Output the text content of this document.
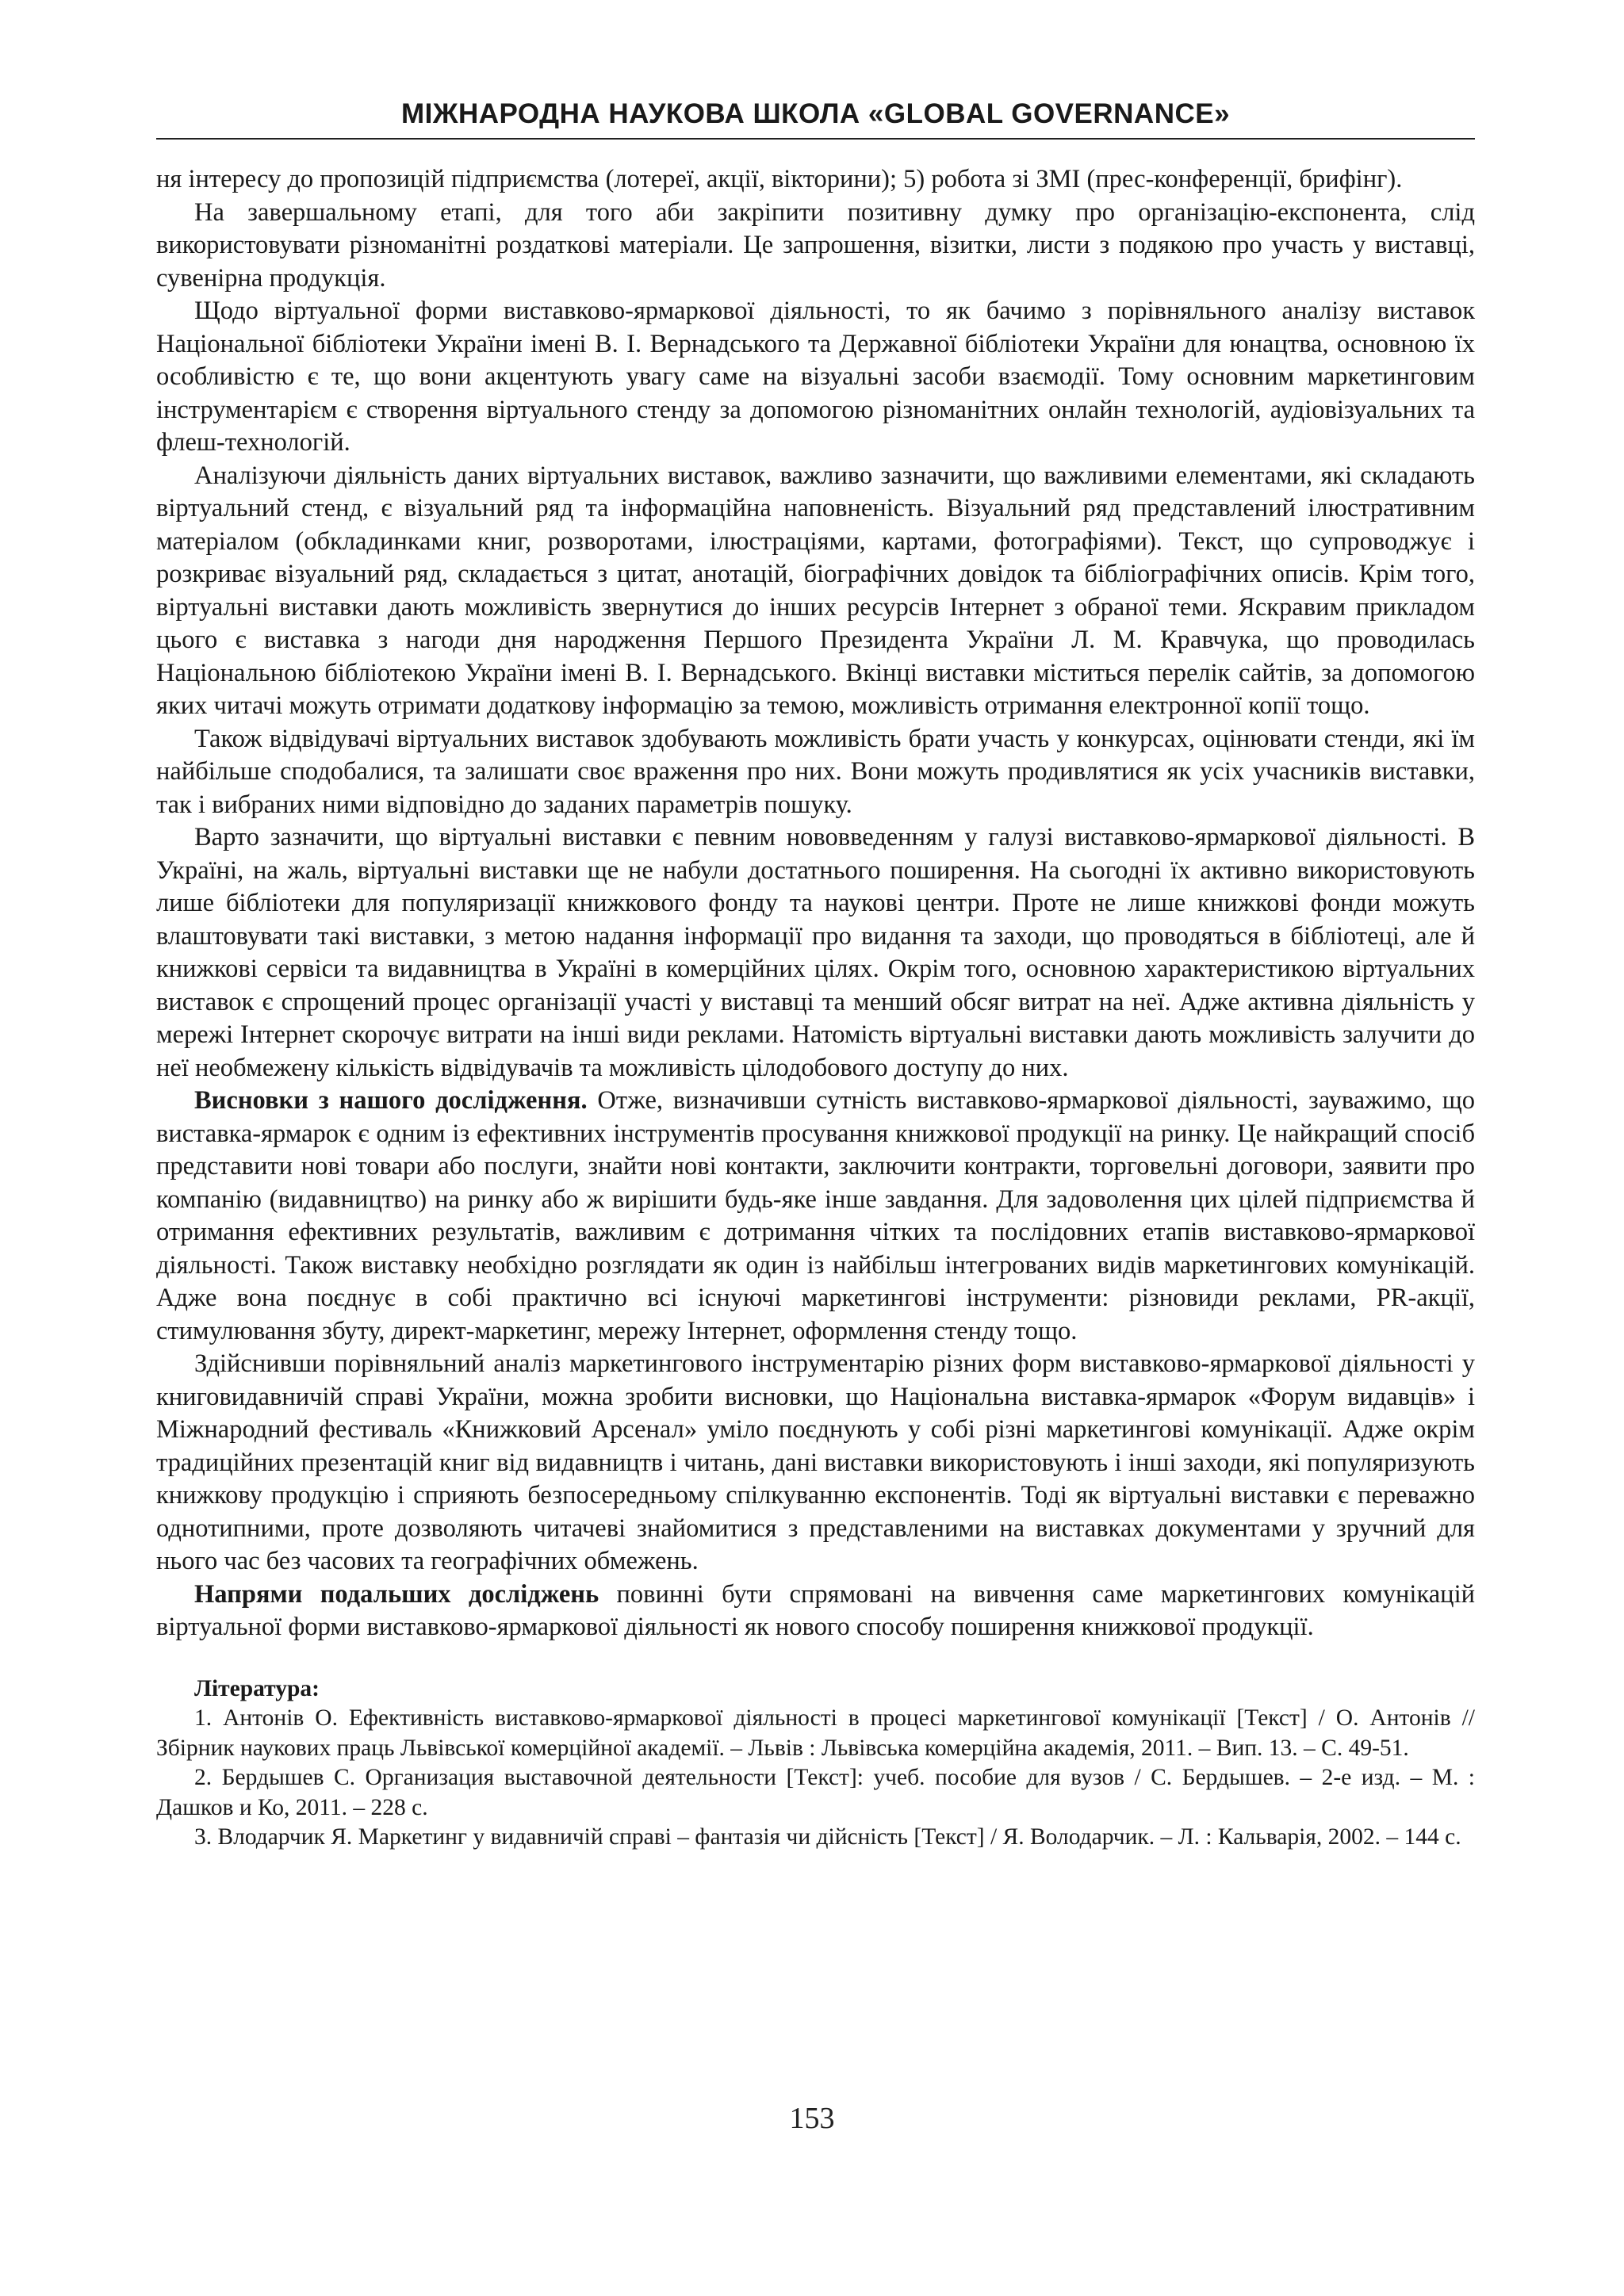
МІЖНАРОДНА НАУКОВА ШКОЛА «GLOBAL GOVERNANCE»

ня інтересу до пропозицій підприємства (лотереї, акції, вікторини); 5) робота зі ЗМІ (прес-конференції, брифінг).

На завершальному етапі, для того аби закріпити позитивну думку про організацію-експонента, слід використовувати різноманітні роздаткові матеріали. Це запрошення, візитки, листи з подякою про участь у виставці, сувенірна продукція.

Щодо віртуальної форми виставково-ярмаркової діяльності, то як бачимо з порівняльного аналізу виставок Національної бібліотеки України імені В. І. Вернадського та Державної бібліотеки України для юнацтва, основною їх особливістю є те, що вони акцентують увагу саме на візуальні засоби взаємодії. Тому основним маркетинговим інструментарієм є створення віртуального стенду за допомогою різноманітних онлайн технологій, аудіовізуальних та флеш-технологій.

Аналізуючи діяльність даних віртуальних виставок, важливо зазначити, що важливими елементами, які складають віртуальний стенд, є візуальний ряд та інформаційна наповненість. Візуальний ряд представлений ілюстративним матеріалом (обкладинками книг, розворотами, ілюстраціями, картами, фотографіями). Текст, що супроводжує і розкриває візуальний ряд, складається з цитат, анотацій, біографічних довідок та бібліографічних описів. Крім того, віртуальні виставки дають можливість звернутися до інших ресурсів Інтернет з обраної теми. Яскравим прикладом цього є виставка з нагоди дня народження Першого Президента України Л. М. Кравчука, що проводилась Національною бібліотекою України імені В. І. Вернадського. Вкінці виставки міститься перелік сайтів, за допомогою яких читачі можуть отримати додаткову інформацію за темою, можливість отримання електронної копії тощо.

Також відвідувачі віртуальних виставок здобувають можливість брати участь у конкурсах, оцінювати стенди, які їм найбільше сподобалися, та залишати своє враження про них. Вони можуть продивлятися як усіх учасників виставки, так і вибраних ними відповідно до заданих параметрів пошуку.

Варто зазначити, що віртуальні виставки є певним нововведенням у галузі виставково-ярмаркової діяльності. В Україні, на жаль, віртуальні виставки ще не набули достатнього поширення. На сьогодні їх активно використовують лише бібліотеки для популяризації книжкового фонду та наукові центри. Проте не лише книжкові фонди можуть влаштовувати такі виставки, з метою надання інформації про видання та заходи, що проводяться в бібліотеці, але й книжкові сервіси та видавництва в Україні в комерційних цілях. Окрім того, основною характеристикою віртуальних виставок є спрощений процес організації участі у виставці та менший обсяг витрат на неї. Адже активна діяльність у мережі Інтернет скорочує витрати на інші види реклами. Натомість віртуальні виставки дають можливість залучити до неї необмежену кількість відвідувачів та можливість цілодобового доступу до них.

Висновки з нашого дослідження. Отже, визначивши сутність виставково-ярмаркової діяльності, зауважимо, що виставка-ярмарок є одним із ефективних інструментів просування книжкової продукції на ринку. Це найкращий спосіб представити нові товари або послуги, знайти нові контакти, заключити контракти, торговельні договори, заявити про компанію (видавництво) на ринку або ж вирішити будь-яке інше завдання. Для задоволення цих цілей підприємства й отримання ефективних результатів, важливим є дотримання чітких та послідовних етапів виставково-ярмаркової діяльності. Також виставку необхідно розглядати як один із найбільш інтегрованих видів маркетингових комунікацій. Адже вона поєднує в собі практично всі існуючі маркетингові інструменти: різновиди реклами, PR-акції, стимулювання збуту, директ-маркетинг, мережу Інтернет, оформлення стенду тощо.

Здійснивши порівняльний аналіз маркетингового інструментарію різних форм виставково-ярмаркової діяльності у книговидавничій справі України, можна зробити висновки, що Національна виставка-ярмарок «Форум видавців» і Міжнародний фестиваль «Книжковий Арсенал» уміло поєднують у собі різні маркетингові комунікації. Адже окрім традиційних презентацій книг від видавництв і читань, дані виставки використовують і інші заходи, які популяризують книжкову продукцію і сприяють безпосередньому спілкуванню експонентів. Тоді як віртуальні виставки є переважно однотипними, проте дозволяють читачеві знайомитися з представленими на виставках документами у зручний для нього час без часових та географічних обмежень.

Напрями подальших досліджень повинні бути спрямовані на вивчення саме маркетингових комунікацій віртуальної форми виставково-ярмаркової діяльності як нового способу поширення книжкової продукції.

Література:

1. Антонів О. Ефективність виставково-ярмаркової діяльності в процесі маркетингової комунікації [Текст] / О. Антонів // Збірник наукових праць Львівської комерційної академії. – Львів : Львівська комерційна академія, 2011. – Вип. 13. – С. 49-51.

2. Бердышев С. Организация выставочной деятельности [Текст]: учеб. пособие для вузов / С. Бердышев. – 2-е изд. – М. : Дашков и Ко, 2011. – 228 с.

3. Влодарчик Я. Маркетинг у видавничій справі – фантазія чи дійсність [Текст] / Я. Володарчик. – Л. : Кальварія, 2002. – 144 с.

153
